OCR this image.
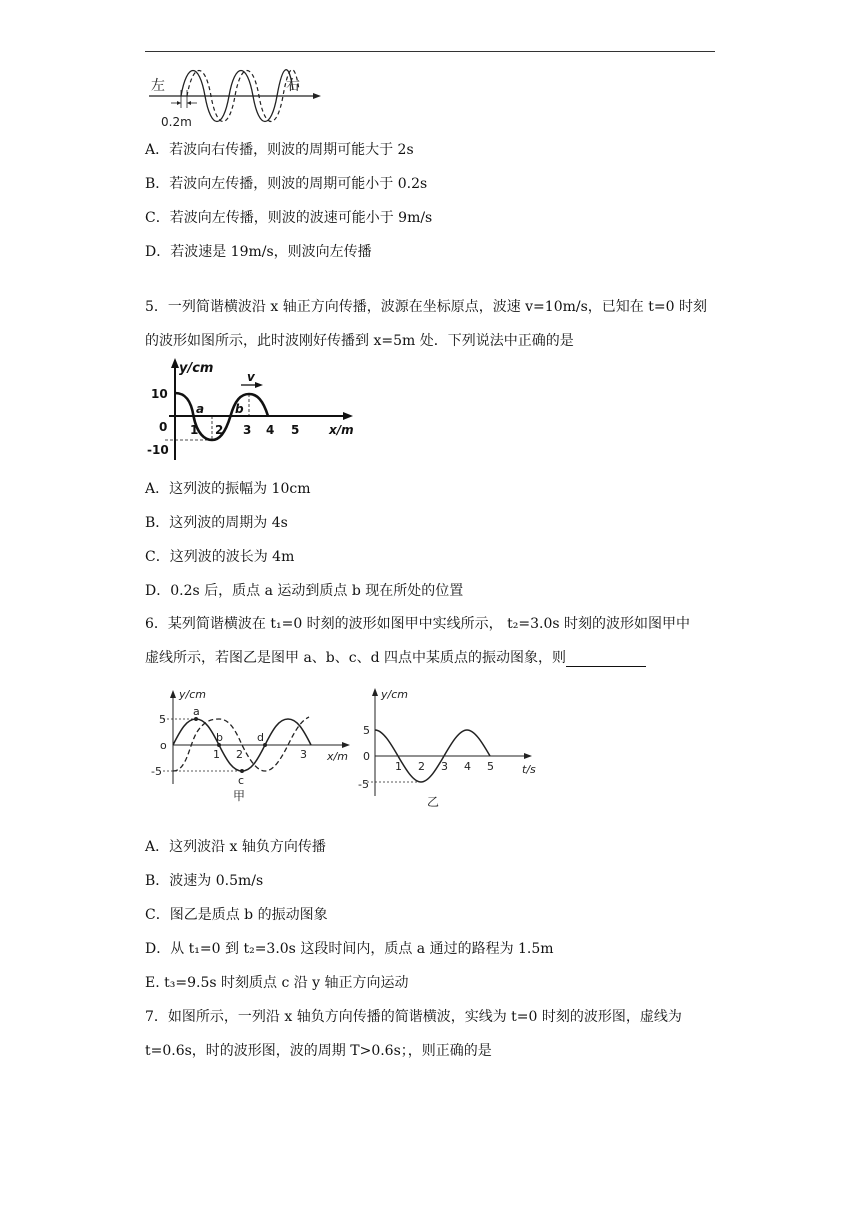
左	右
0.2m
A．若波向右传播，则波的周期可能大于 2s
B．若波向左传播，则波的周期可能小于 0.2s
C．若波向左传播，则波的波速可能小于 9m/s
D．若波速是 19m/s，则波向左传播
5．一列简谐横波沿 x 轴正方向传播，波源在坐标原点，波速 v=10m/s，已知在 t=0 时刻
的波形如图所示，此时波刚好传播到 x=5m 处．下列说法中正确的是
y/cm
x/m
v
10
-10
0 1 2 3 4 5
a	b
A．这列波的振幅为 10cm
B．这列波的周期为 4s
C．这列波的波长为 4m
D．0.2s 后，质点 a 运动到质点 b 现在所处的位置
6．某列简谐横波在 t₁=0 时刻的波形如图甲中实线所示， t₂=3.0s 时刻的波形如图甲中
虚线所示，若图乙是图甲 a、b、c、d 四点中某质点的振动图象，则
y/cm
x/m
5
o
-5
1 2	3
a
b
c
d
甲
y/cm
t/s
5
0
-5
1 2 3 4 5
乙
A．这列波沿 x 轴负方向传播
B．波速为 0.5m/s
C．图乙是质点 b 的振动图象
D．从 t₁=0 到 t₂=3.0s 这段时间内，质点 a 通过的路程为 1.5m
E. t₃=9.5s 时刻质点 c 沿 y 轴正方向运动
7．如图所示，一列沿 x 轴负方向传播的简谐横波，实线为 t=0 时刻的波形图，虚线为
t=0.6s，时的波形图，波的周期 T>0.6s；，则正确的是
